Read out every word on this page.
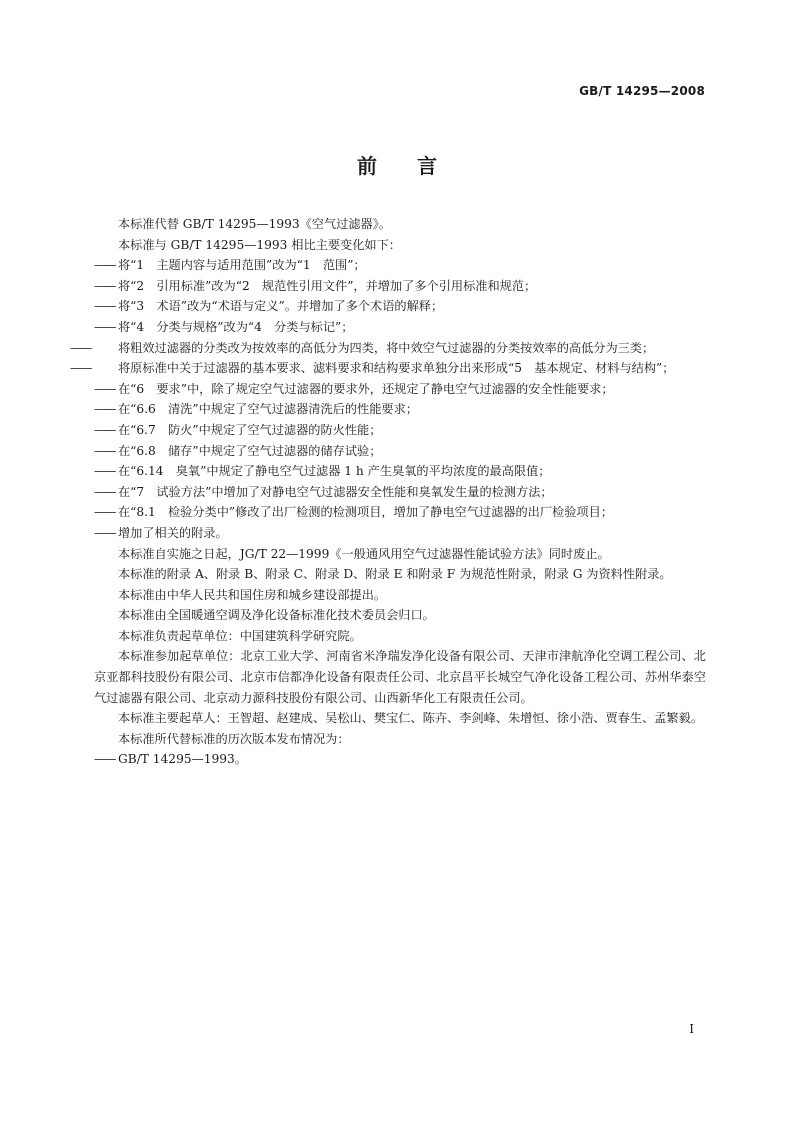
GB/T 14295—2008
前言

本标准代替 GB/T 14295—1993《空气过滤器》。

本标准与 GB/T 14295—1993 相比主要变化如下：

—— 将“1　主题内容与适用范围”改为“1　范围”；

—— 将“2　引用标准”改为“2　规范性引用文件”，并增加了多个引用标准和规范；

—— 将“3　术语”改为“术语与定义”。并增加了多个术语的解释；

—— 将“4　分类与规格”改为“4　分类与标记”；

—— 将粗效过滤器的分类改为按效率的高低分为四类，将中效空气过滤器的分类按效率的高低分为三类；

—— 将原标准中关于过滤器的基本要求、滤料要求和结构要求单独分出来形成“5　基本规定、材料与结构”；

—— 在“6　要求”中，除了规定空气过滤器的要求外，还规定了静电空气过滤器的安全性能要求；

—— 在“6.6　清洗”中规定了空气过滤器清洗后的性能要求；

—— 在“6.7　防火”中规定了空气过滤器的防火性能；

—— 在“6.8　储存”中规定了空气过滤器的储存试验；

—— 在“6.14　臭氧”中规定了静电空气过滤器 1 h 产生臭氧的平均浓度的最高限值；

—— 在“7　试验方法”中增加了对静电空气过滤器安全性能和臭氧发生量的检测方法；

—— 在“8.1　检验分类中”修改了出厂检测的检测项目，增加了静电空气过滤器的出厂检验项目；

—— 增加了相关的附录。

本标准自实施之日起，JG/T 22—1999《一般通风用空气过滤器性能试验方法》同时废止。

本标准的附录 A、附录 B、附录 C、附录 D、附录 E 和附录 F 为规范性附录，附录 G 为资料性附录。

本标准由中华人民共和国住房和城乡建设部提出。

本标准由全国暖通空调及净化设备标准化技术委员会归口。

本标准负责起草单位：中国建筑科学研究院。

本标准参加起草单位：北京工业大学、河南省米净瑞发净化设备有限公司、天津市津航净化空调工程公司、北京亚都科技股份有限公司、北京市信都净化设备有限责任公司、北京昌平长城空气净化设备工程公司、苏州华泰空气过滤器有限公司、北京动力源科技股份有限公司、山西新华化工有限责任公司。

本标准主要起草人：王智超、赵建成、吴松山、樊宝仁、陈卉、李剑峰、朱增恒、徐小浩、贾春生、孟繁毅。

本标准所代替标准的历次版本发布情况为：

—— GB/T 14295—1993。

I
